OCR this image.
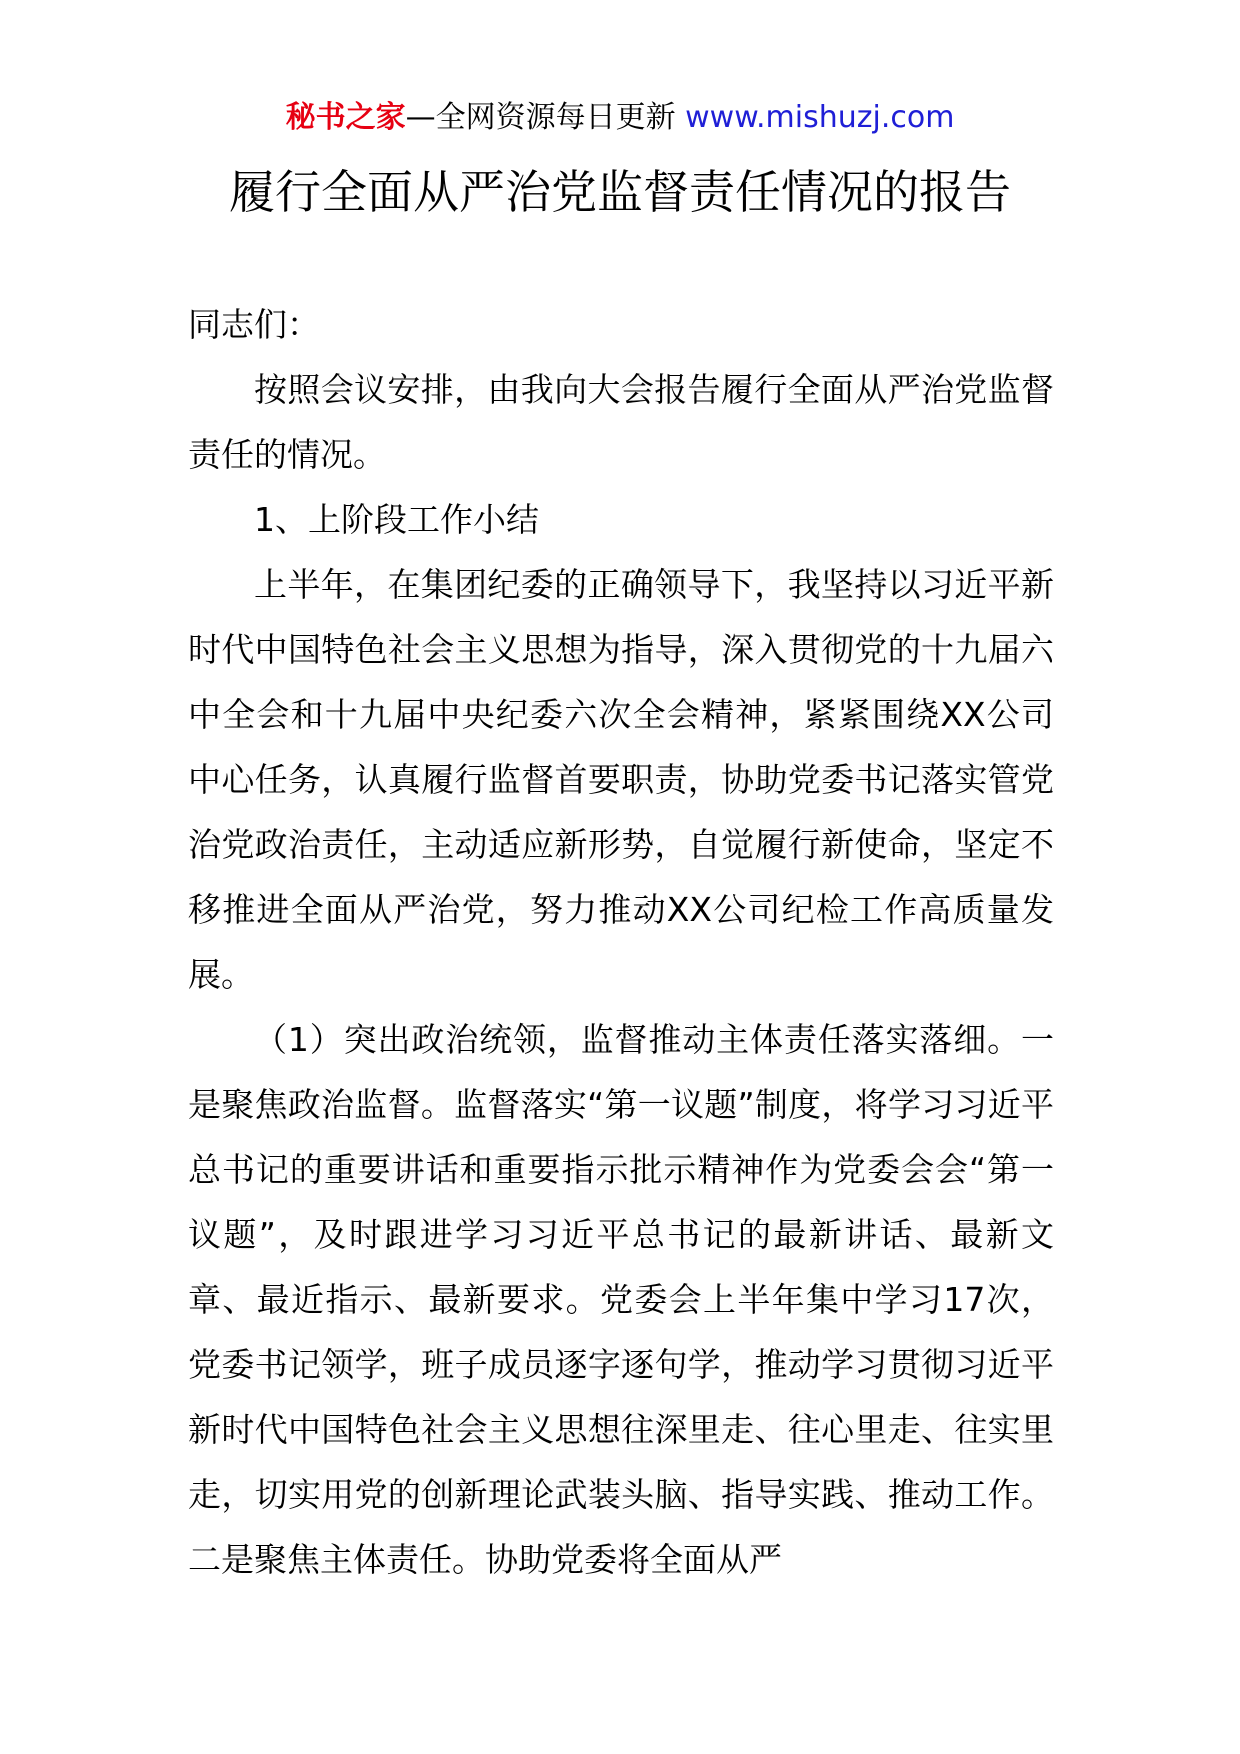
秘书之家—全网资源每日更新 www.mishuzj.com
履行全面从严治党监督责任情况的报告

同志们：

按照会议安排，由我向大会报告履行全面从严治党监督责任的情况。

1、上阶段工作小结

上半年，在集团纪委的正确领导下，我坚持以习近平新时代中国特色社会主义思想为指导，深入贯彻党的十九届六中全会和十九届中央纪委六次全会精神，紧紧围绕XX公司中心任务，认真履行监督首要职责，协助党委书记落实管党治党政治责任，主动适应新形势，自觉履行新使命，坚定不移推进全面从严治党，努力推动XX公司纪检工作高质量发展。

（1）突出政治统领，监督推动主体责任落实落细。一是聚焦政治监督。监督落实“第一议题”制度，将学习习近平总书记的重要讲话和重要指示批示精神作为党委会会“第一议题”，及时跟进学习习近平总书记的最新讲话、最新文章、最近指示、最新要求。党委会上半年集中学习17次，党委书记领学，班子成员逐字逐句学，推动学习贯彻习近平新时代中国特色社会主义思想往深里走、往心里走、往实里走，切实用党的创新理论武装头脑、指导实践、推动工作。二是聚焦主体责任。协助党委将全面从严
